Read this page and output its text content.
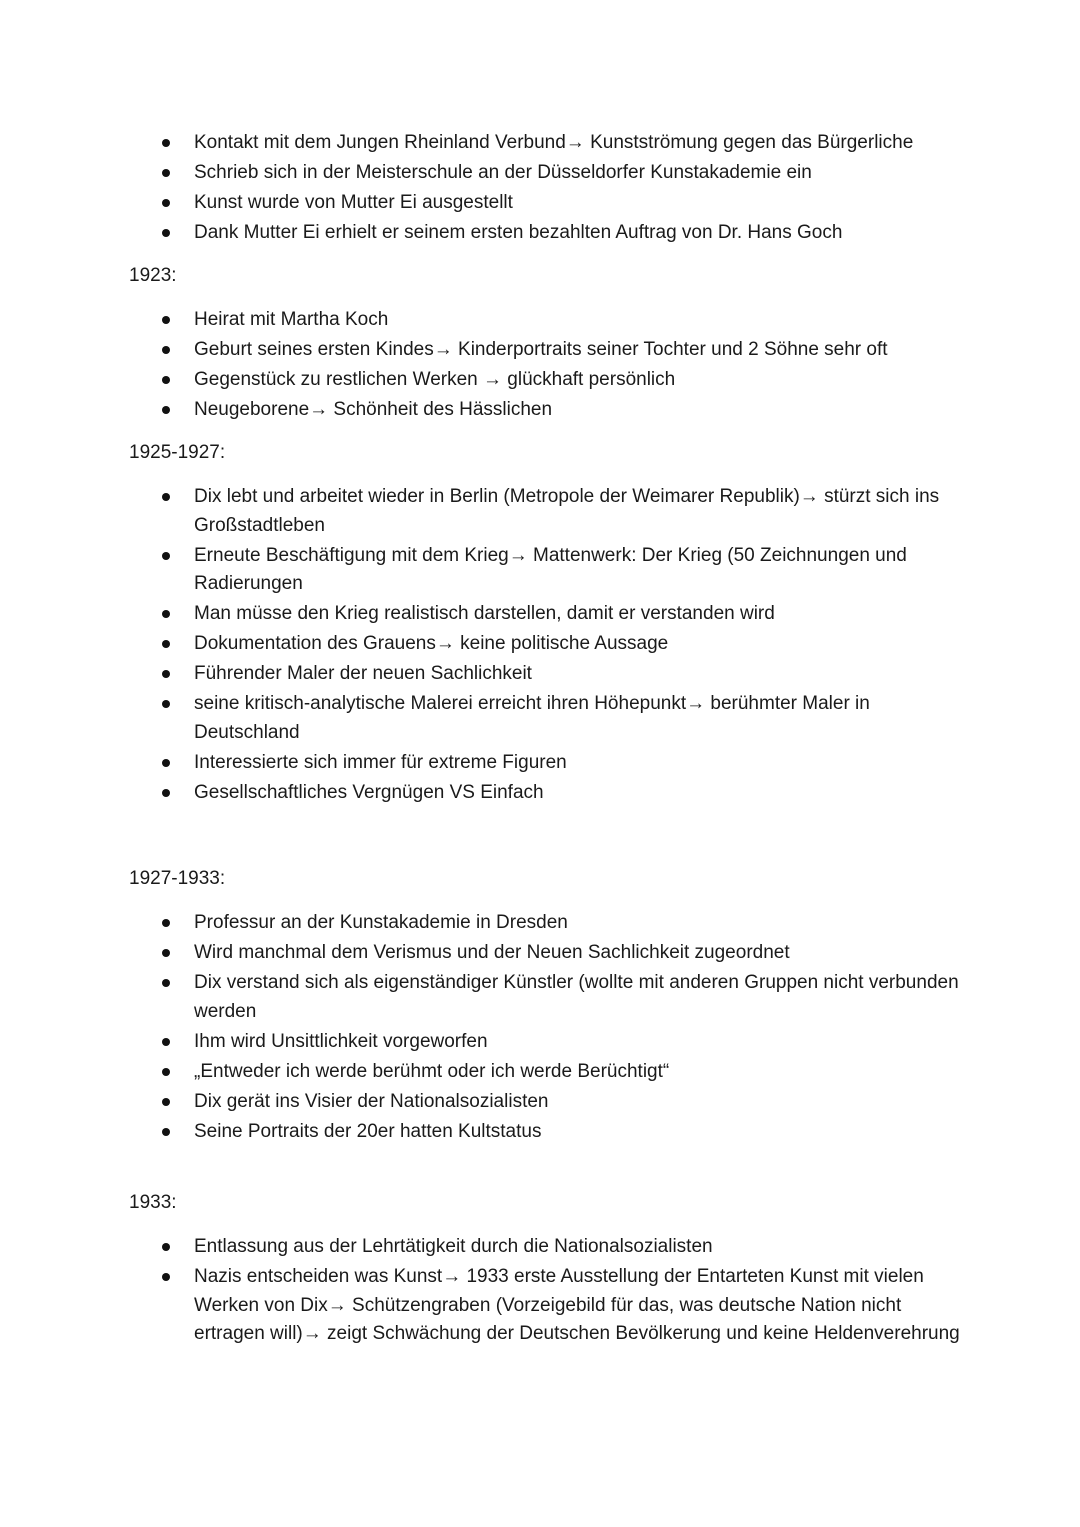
Kontakt mit dem Jungen Rheinland Verbund→ Kunstströmung gegen das Bürgerliche
Schrieb sich in der Meisterschule an der Düsseldorfer Kunstakademie ein
Kunst wurde von Mutter Ei ausgestellt
Dank Mutter Ei erhielt er seinem ersten bezahlten Auftrag von Dr. Hans Goch

1923:

Heirat mit Martha Koch
Geburt seines ersten Kindes→ Kinderportraits seiner Tochter und 2 Söhne sehr oft
Gegenstück zu restlichen Werken → glückhaft persönlich
Neugeborene→ Schönheit des Hässlichen

1925-1927:

Dix lebt und arbeitet wieder in Berlin (Metropole der Weimarer Republik)→ stürzt sich ins Großstadtleben
Erneute Beschäftigung mit dem Krieg→ Mattenwerk: Der Krieg (50 Zeichnungen und Radierungen
Man müsse den Krieg realistisch darstellen, damit er verstanden wird
Dokumentation des Grauens→ keine politische Aussage
Führender Maler der neuen Sachlichkeit
seine kritisch-analytische Malerei erreicht ihren Höhepunkt→ berühmter Maler in Deutschland
Interessierte sich immer für extreme Figuren
Gesellschaftliches Vergnügen VS Einfach

1927-1933:

Professur an der Kunstakademie in Dresden
Wird manchmal dem Verismus und der Neuen Sachlichkeit zugeordnet
Dix verstand sich als eigenständiger Künstler (wollte mit anderen Gruppen nicht verbunden werden
Ihm wird Unsittlichkeit vorgeworfen
„Entweder ich werde berühmt oder ich werde Berüchtigt“
Dix gerät ins Visier der Nationalsozialisten
Seine Portraits der 20er hatten Kultstatus

1933:

Entlassung aus der Lehrtätigkeit durch die Nationalsozialisten
Nazis entscheiden was Kunst→ 1933 erste Ausstellung der Entarteten Kunst mit vielen Werken von Dix→ Schützengraben (Vorzeigebild für das, was deutsche Nation nicht ertragen will)→ zeigt Schwächung der Deutschen Bevölkerung und keine Heldenverehrung
